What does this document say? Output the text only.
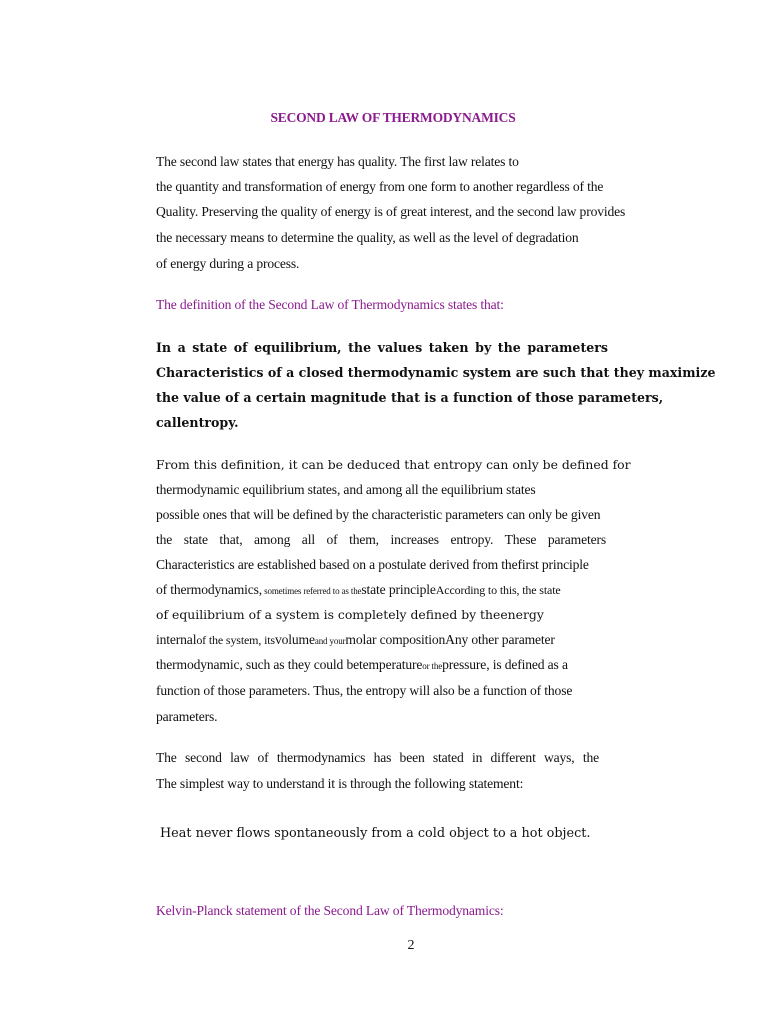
SECOND LAW OF THERMODYNAMICS
The second law states that energy has quality. The first law relates to
the quantity and transformation of energy from one form to another regardless of the
Quality. Preserving the quality of energy is of great interest, and the second law provides
the necessary means to determine the quality, as well as the level of degradation
of energy during a process.
The definition of the Second Law of Thermodynamics states that:
In a state of equilibrium, the values taken by the parameters
Characteristics of a closed thermodynamic system are such that they maximize
the value of a certain magnitude that is a function of those parameters,
callentropy.
From this definition, it can be deduced that entropy can only be defined for
thermodynamic equilibrium states, and among all the equilibrium states
possible ones that will be defined by the characteristic parameters can only be given
the state that, among all of them, increases entropy. These parameters
Characteristics are established based on a postulate derived from thefirst principle
of thermodynamics, sometimes referred to as thestate principleAccording to this, the state
of equilibrium of a system is completely defined by theenergy
internalof the system, itsvolumeand yourmolar compositionAny other parameter
thermodynamic, such as they could betemperatureor thepressure, is defined as a
function of those parameters. Thus, the entropy will also be a function of those
parameters.
The second law of thermodynamics has been stated in different ways, the
The simplest way to understand it is through the following statement:
Heat never flows spontaneously from a cold object to a hot object.
Kelvin-Planck statement of the Second Law of Thermodynamics:
2
